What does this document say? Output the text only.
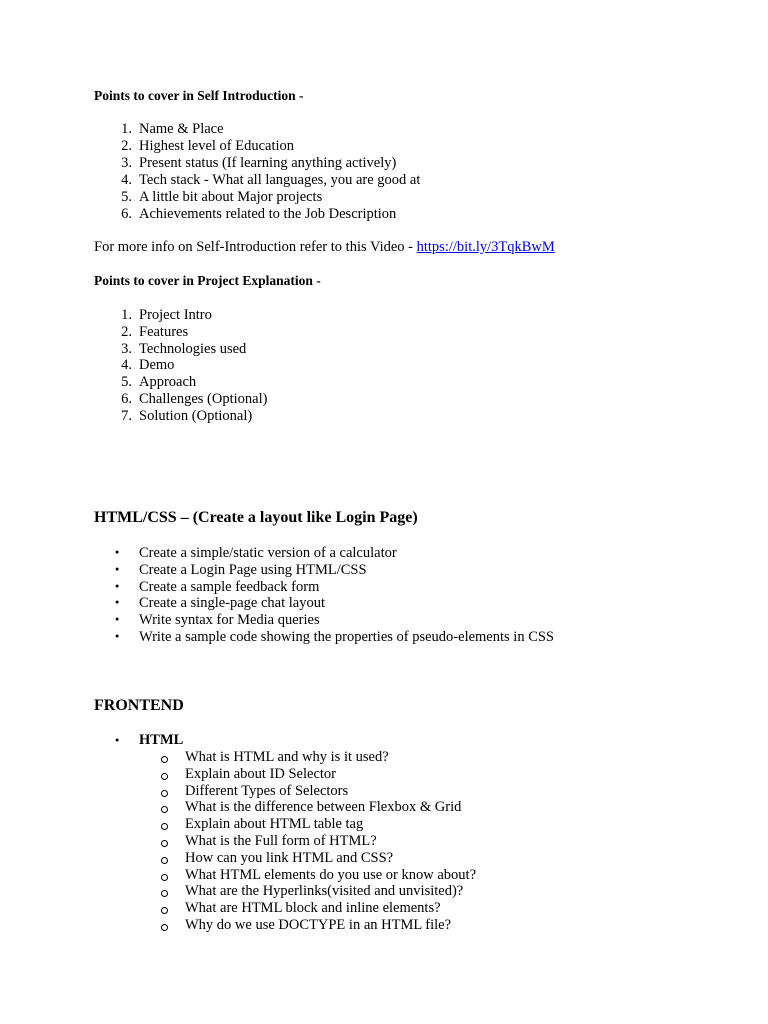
Points to cover in Self Introduction -
1. Name & Place
2. Highest level of Education
3. Present status (If learning anything actively)
4. Tech stack - What all languages, you are good at
5. A little bit about Major projects
6. Achievements related to the Job Description
For more info on Self-Introduction refer to this Video - https://bit.ly/3TqkBwM
Points to cover in Project Explanation -
1. Project Intro
2. Features
3. Technologies used
4. Demo
5. Approach
6. Challenges (Optional)
7. Solution (Optional)
HTML/CSS – (Create a layout like Login Page)
● Create a simple/static version of a calculator
● Create a Login Page using HTML/CSS
● Create a sample feedback form
● Create a single-page chat layout
● Write syntax for Media queries
● Write a sample code showing the properties of pseudo-elements in CSS
FRONTEND
● HTML
What is HTML and why is it used?
Explain about ID Selector
Different Types of Selectors
What is the difference between Flexbox & Grid
Explain about HTML table tag
What is the Full form of HTML?
How can you link HTML and CSS?
What HTML elements do you use or know about?
What are the Hyperlinks(visited and unvisited)?
What are HTML block and inline elements?
Why do we use DOCTYPE in an HTML file?
